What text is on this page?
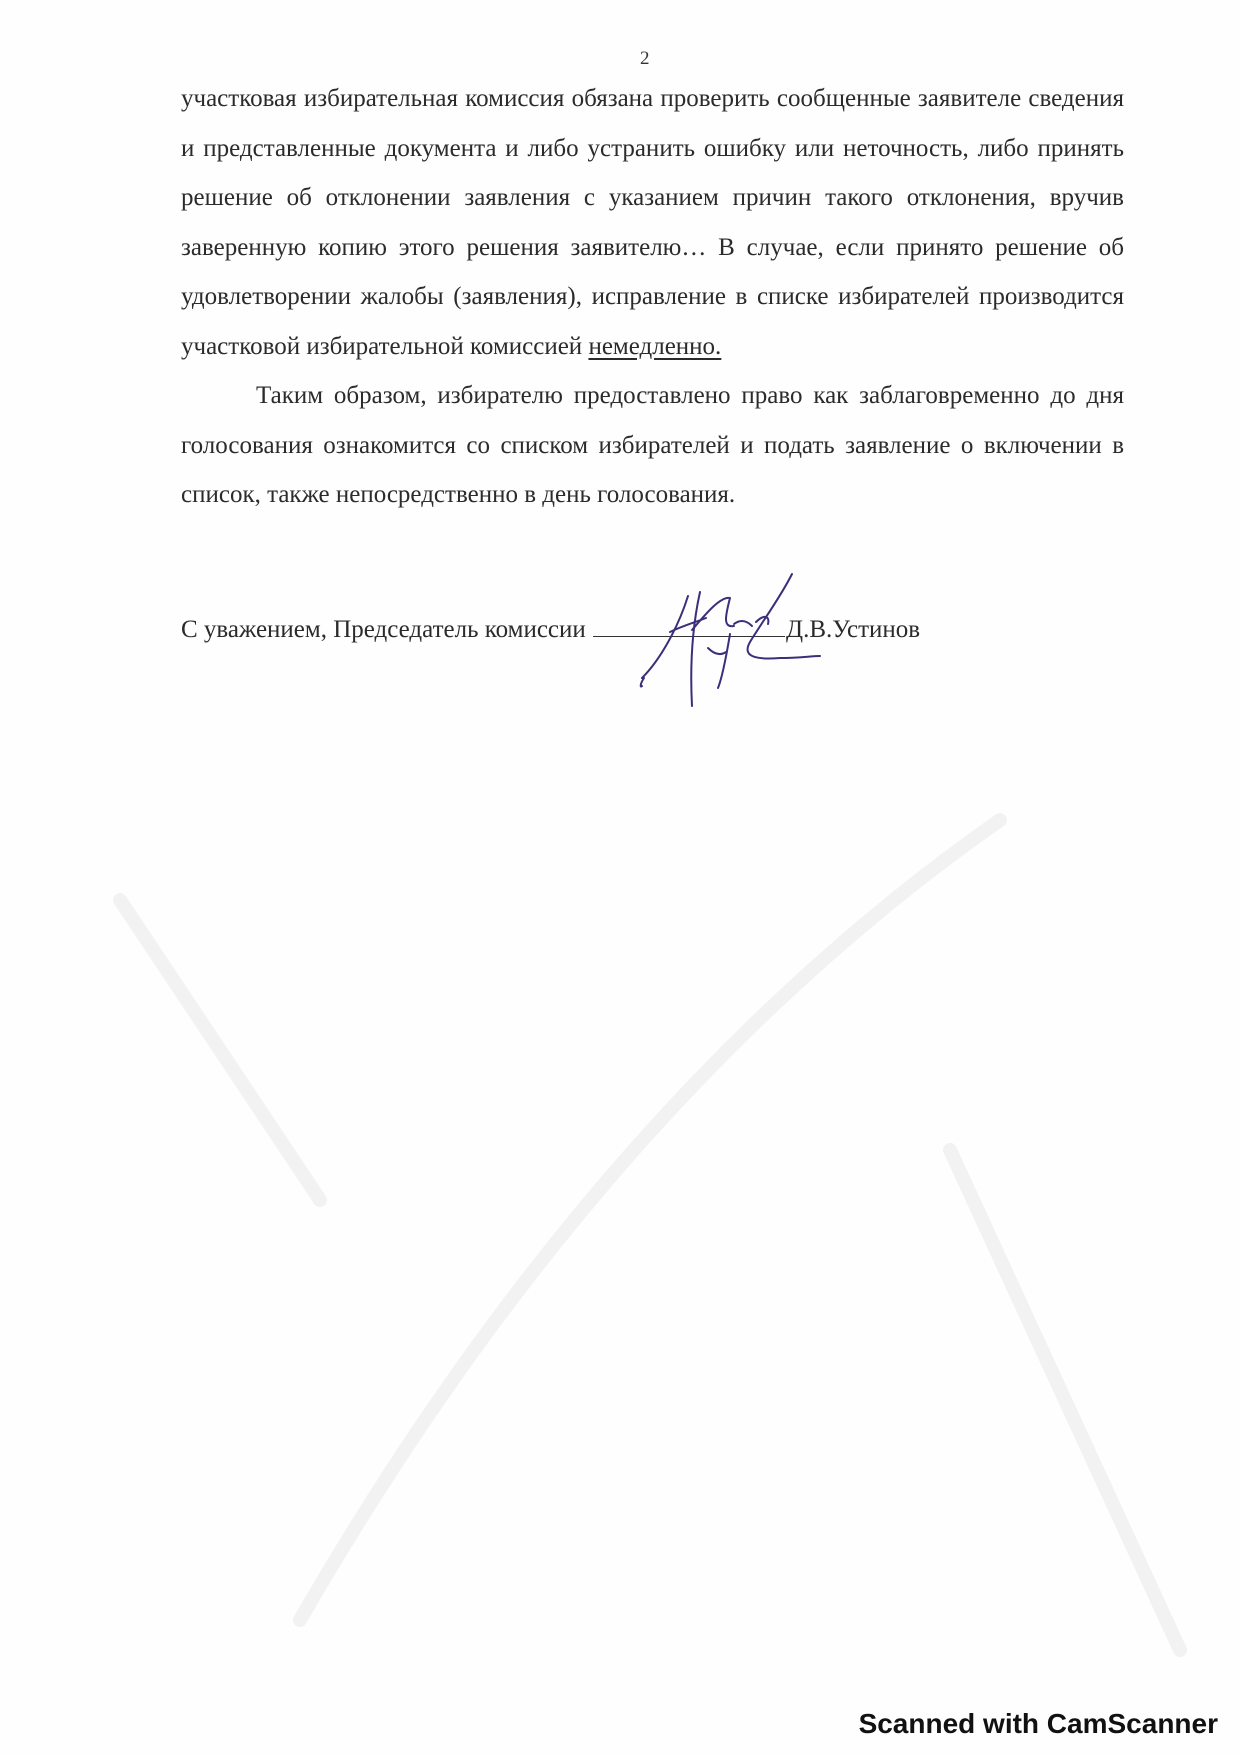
2

участковая избирательная комиссия обязана проверить сообщенные заявителе сведения и представленные документа и либо устранить ошибку или неточность, либо принять решение об отклонении заявления с указанием причин такого отклонения, вручив заверенную копию этого решения заявителю… В случае, если принято решение об удовлетворении жалобы (заявления), исправление в списке избирателей производится участковой избирательной комиссией немедленно.

Таким образом, избирателю предоставлено право как заблаговременно до дня голосования ознакомится со списком избирателей и подать заявление о включении в список, также непосредственно в день голосования.

С уважением, Председатель комиссии	Д.В.Устинов
Scanned with CamScanner
